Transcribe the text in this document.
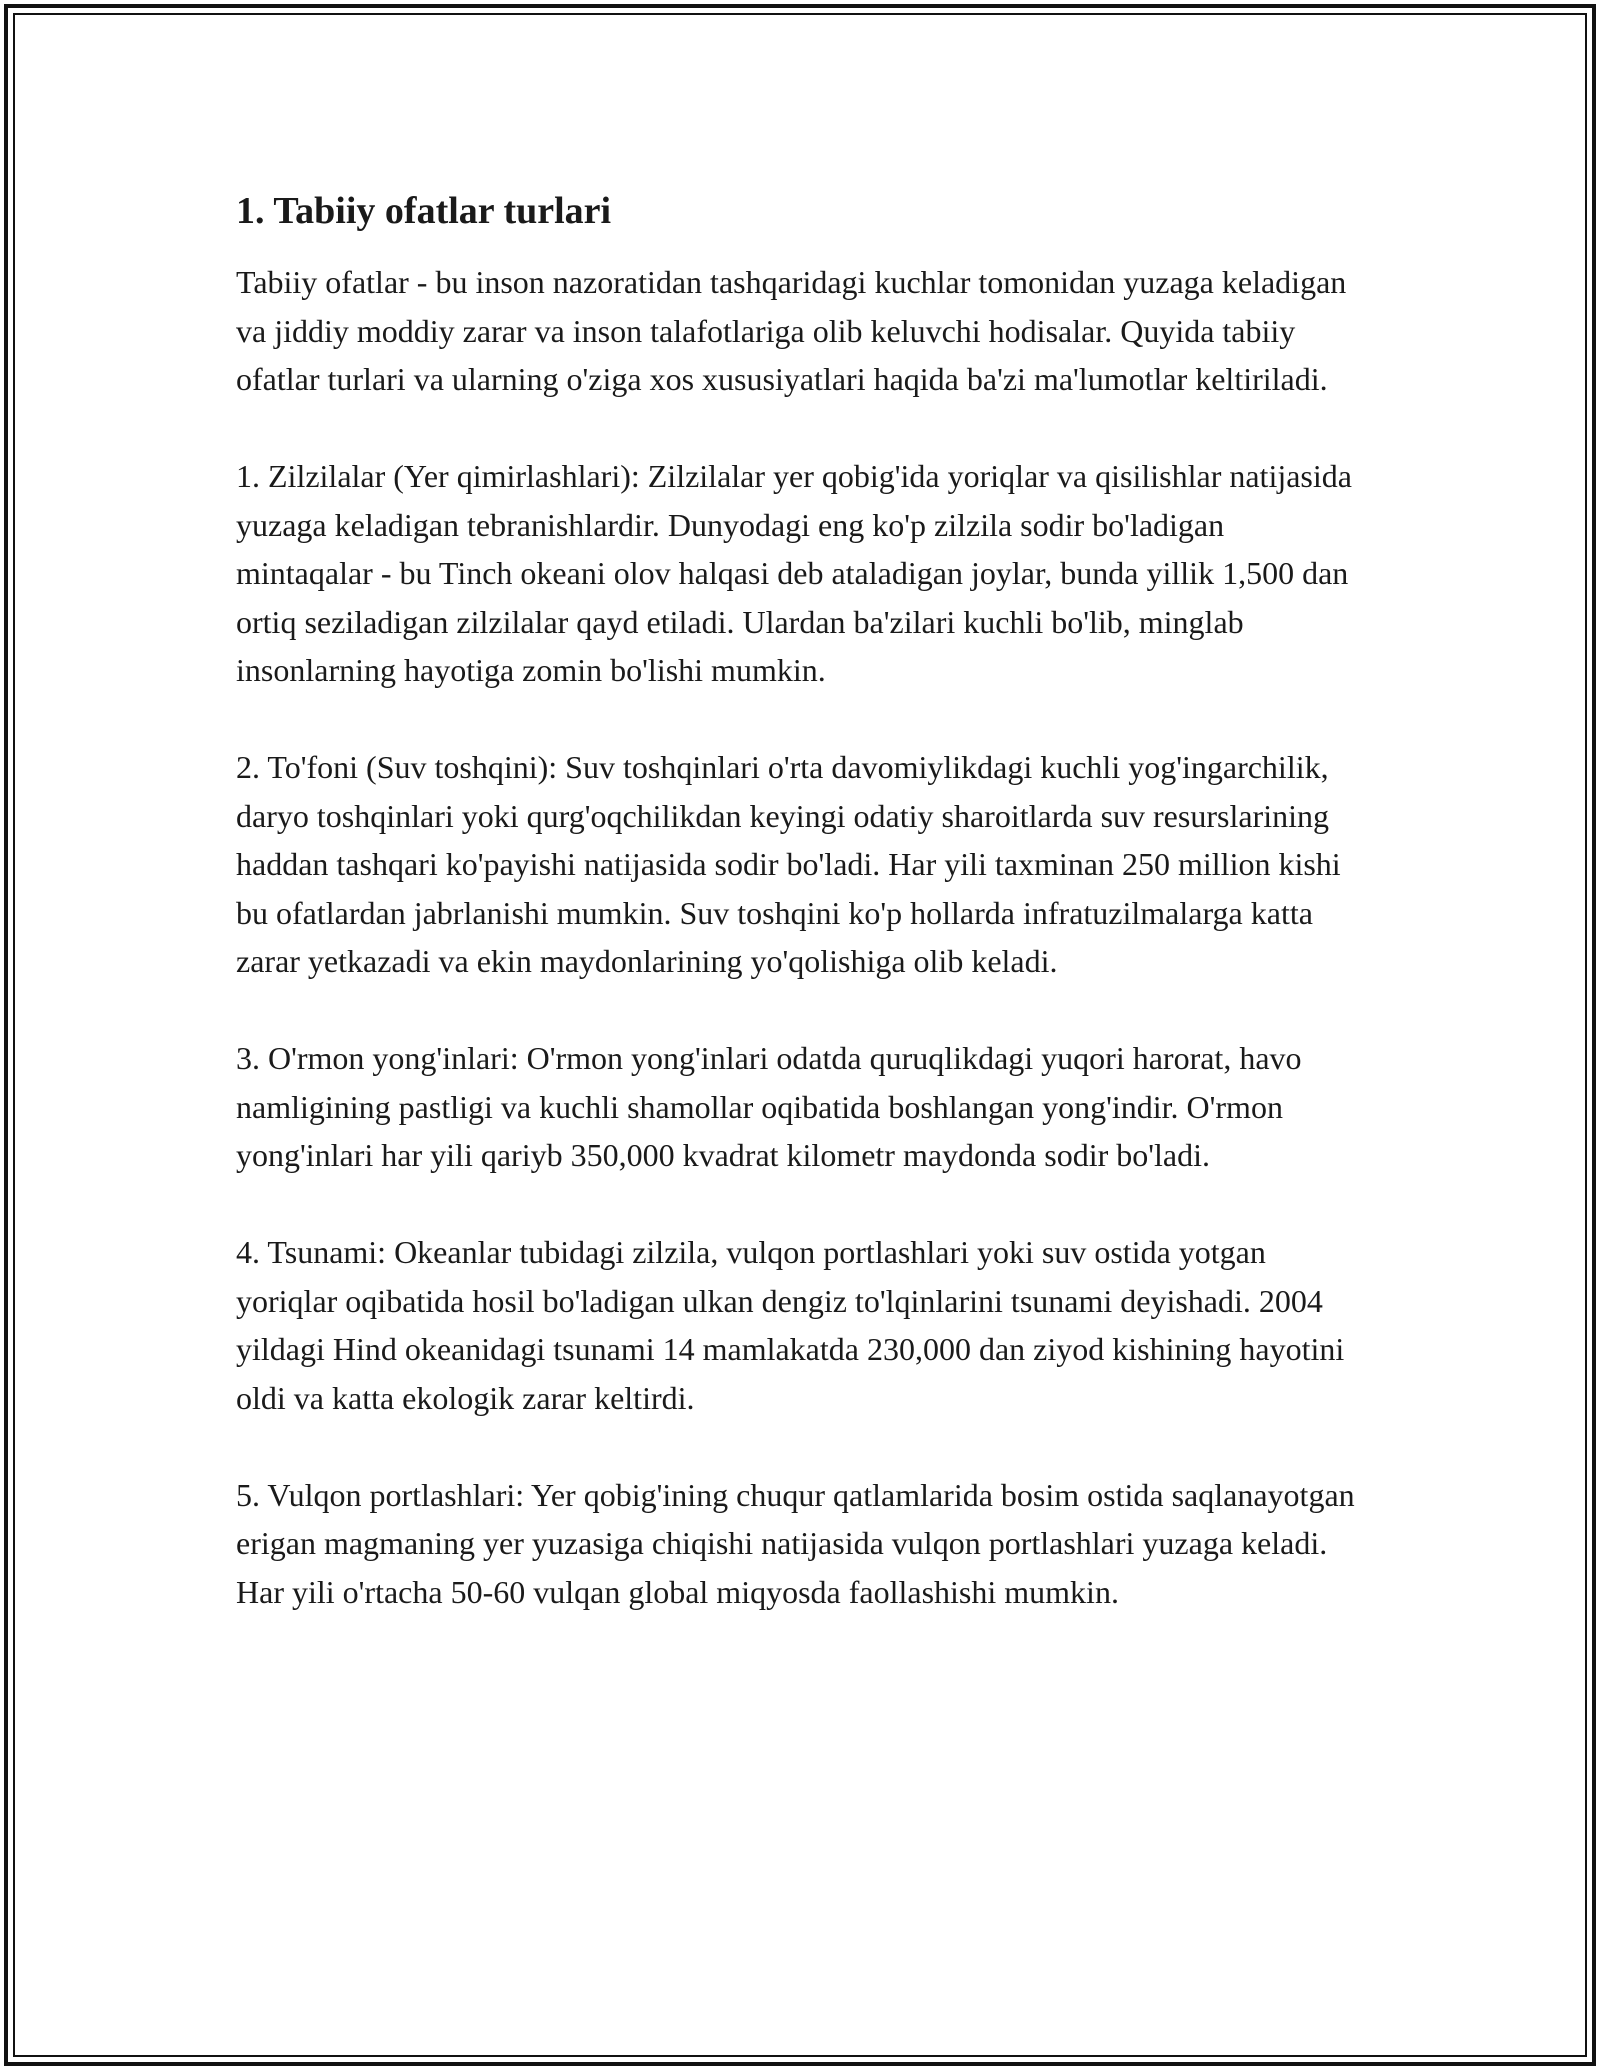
1. Tabiiy ofatlar turlari

Tabiiy ofatlar - bu inson nazoratidan tashqaridagi kuchlar tomonidan yuzaga keladigan va jiddiy moddiy zarar va inson talafotlariga olib keluvchi hodisalar. Quyida tabiiy ofatlar turlari va ularning o'ziga xos xususiyatlari haqida ba'zi ma'lumotlar keltiriladi.

1. Zilzilalar (Yer qimirlashlari): Zilzilalar yer qobig'ida yoriqlar va qisilishlar natijasida yuzaga keladigan tebranishlardir. Dunyodagi eng ko'p zilzila sodir bo'ladigan mintaqalar - bu Tinch okeani olov halqasi deb ataladigan joylar, bunda yillik 1,500 dan ortiq seziladigan zilzilalar qayd etiladi. Ulardan ba'zilari kuchli bo'lib, minglab insonlarning hayotiga zomin bo'lishi mumkin.

2. To'foni (Suv toshqini): Suv toshqinlari o'rta davomiylikdagi kuchli yog'ingarchilik, daryo toshqinlari yoki qurg'oqchilikdan keyingi odatiy sharoitlarda suv resurslarining haddan tashqari ko'payishi natijasida sodir bo'ladi. Har yili taxminan 250 million kishi bu ofatlardan jabrlanishi mumkin. Suv toshqini ko'p hollarda infratuzilmalarga katta zarar yetkazadi va ekin maydonlarining yo'qolishiga olib keladi.

3. O'rmon yong'inlari: O'rmon yong'inlari odatda quruqlikdagi yuqori harorat, havo namligining pastligi va kuchli shamollar oqibatida boshlangan yong'indir. O'rmon yong'inlari har yili qariyb 350,000 kvadrat kilometr maydonda sodir bo'ladi.

4. Tsunami: Okeanlar tubidagi zilzila, vulqon portlashlari yoki suv ostida yotgan yoriqlar oqibatida hosil bo'ladigan ulkan dengiz to'lqinlarini tsunami deyishadi. 2004 yildagi Hind okeanidagi tsunami 14 mamlakatda 230,000 dan ziyod kishining hayotini oldi va katta ekologik zarar keltirdi.

5. Vulqon portlashlari: Yer qobig'ining chuqur qatlamlarida bosim ostida saqlanayotgan erigan magmaning yer yuzasiga chiqishi natijasida vulqon portlashlari yuzaga keladi. Har yili o'rtacha 50-60 vulqan global miqyosda faollashishi mumkin.
